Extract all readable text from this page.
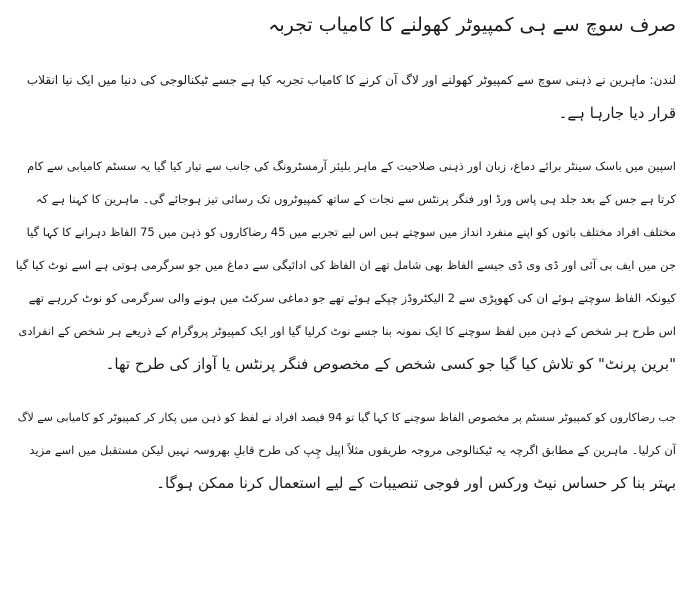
صرف سوچ سے ہی کمپیوٹر کھولنے کا کامیاب تجربہ

لندن: ماہرین نے ذہنی سوچ سے کمپیوٹر کھولنے اور لاگ آن کرنے کا کامیاب تجربہ کیا ہے جسے ٹیکنالوجی کی دنیا میں ایک نیا انقلاب
قرار دیا جارہا ہے۔

اسپین میں باسک سینٹر برائے دماغ، زبان اور ذہنی صلاحیت کے ماہر بلیئر آرمسٹرونگ کی جانب سے تیار کیا گیا یہ سسٹم کامیابی سے کام
کرتا ہے جس کے بعد جلد ہی پاس ورڈ اور فنگر پرنٹس سے نجات کے ساتھ کمپیوٹروں تک رسائی تیز ہوجائے گی۔ ماہرین کا کہنا ہے کہ
مختلف افراد مختلف باتوں کو اپنے منفرد انداز میں سوچتے ہیں اس لیے تجربے میں 45 رضاکاروں کو ذہن میں 75 الفاظ دہرانے کا کہا گیا
جن میں ایف بی آئی اور ڈی وی ڈی جیسے الفاظ بھی شامل تھے ان الفاظ کی ادائیگی سے دماغ میں جو سرگرمی ہوتی ہے اسے نوٹ کیا گیا
کیونکہ الفاظ سوچتے ہوئے ان کی کھوپڑی سے 2 الیکٹروڈز چپکے ہوئے تھے جو دماغی سرکٹ میں ہونے والی سرگرمی کو نوٹ کررہے تھے
اس طرح ہر شخص کے ذہن میں لفظ سوچنے کا ایک نمونہ بنا جسے نوٹ کرلیا گیا اور ایک کمپیوٹر پروگرام کے ذریعے ہر شخص کے انفرادی
"برین پرنٹ" کو تلاش کیا گیا جو کسی شخص کے مخصوص فنگر پرنٹس یا آواز کی طرح تھا۔

جب رضاکاروں کو کمپیوٹر سسٹم پر مخصوص الفاظ سوچنے کا کہا گیا تو 94 فیصد افراد نے لفظ کو ذہن میں پکار کر کمپیوٹر کو کامیابی سے لاگ
آن کرلیا۔ ماہرین کے مطابق اگرچہ یہ ٹیکنالوجی مروجہ طریقوں مثلاً اپیل چِپ کی طرح قابلِ بھروسہ نہیں لیکن مستقبل میں اسے مزید
بہتر بنا کر حساس نیٹ ورکس اور فوجی تنصیبات کے لیے استعمال کرنا ممکن ہوگا۔
